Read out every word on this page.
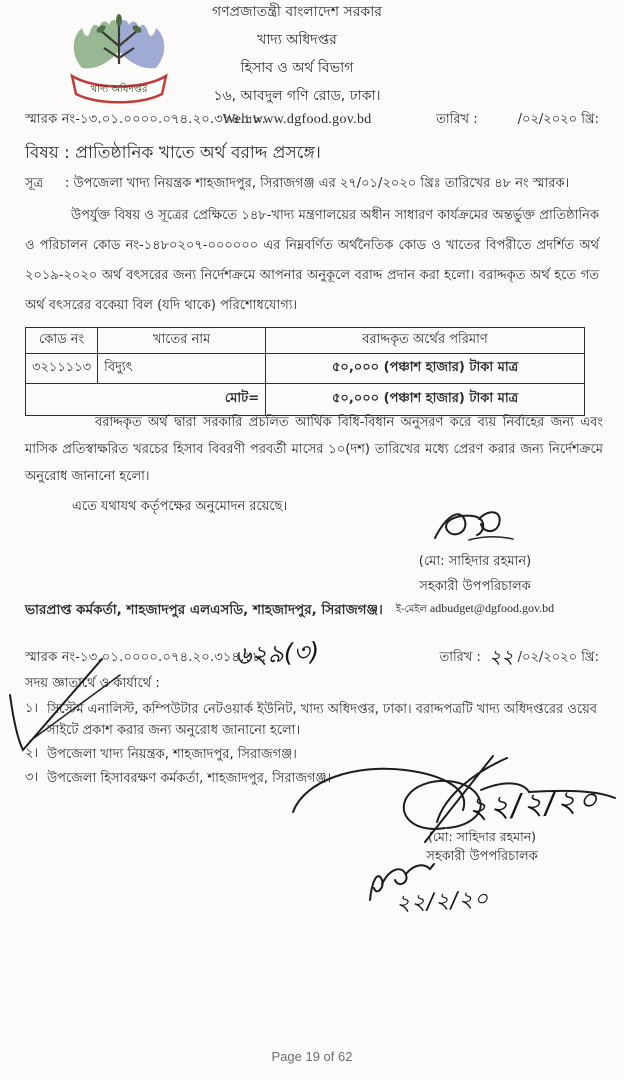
খাদ্য অধিদপ্তর
গণপ্রজাতন্ত্রী বাংলাদেশ সরকার
খাদ্য অধিদপ্তর
হিসাব ও অর্থ বিভাগ
১৬, আবদুল গণি রোড, ঢাকা।
Web:www.dgfood.gov.bd
স্মারক নং-১৩.০১.০০০০.০৭৪.২০.৩১৪.১৮.	তারিখ :	/০২/২০২০ খ্রি:
বিষয় : প্রাতিষ্ঠানিক খাতে অর্থ বরাদ্দ প্রসঙ্গে।
সূত্র	: উপজেলা খাদ্য নিয়ন্ত্রক শাহজাদপুর, সিরাজগঞ্জ এর ২৭/০১/২০২০ খ্রিঃ তারিখের ৪৮ নং স্মারক।
উপর্যুক্ত বিষয় ও সূত্রের প্রেক্ষিতে ১৪৮-খাদ্য মন্ত্রণালয়ের অধীন সাধারণ কার্যক্রমের অন্তর্ভুক্ত প্রাতিষ্ঠানিক ও পরিচালন কোড নং-১৪৮০২০৭-০০০০০০ এর নিম্নবর্ণিত অর্থনৈতিক কোড ও খাতের বিপরীতে প্রদর্শিত অর্থ ২০১৯-২০২০ অর্থ বৎসরের জন্য নির্দেশক্রমে আপনার অনুকূলে বরাদ্দ প্রদান করা হলো। বরাদ্দকৃত অর্থ হতে গত অর্থ বৎসরের বকেয়া বিল (যদি থাকে) পরিশোধযোগ্য।
কোড নং	খাতের নাম	বরাদ্দকৃত অর্থের পরিমাণ
৩২১১১১৩	বিদ্যুৎ	৫০,০০০ (পঞ্চাশ হাজার) টাকা মাত্র
মোট=		৫০,০০০ (পঞ্চাশ হাজার) টাকা মাত্র
বরাদ্দকৃত অর্থ দ্বারা সরকারি প্রচলিত আর্থিক বিধি-বিধান অনুসরণ করে ব্যয় নির্বাহের জন্য এবং মাসিক প্রতিস্বাক্ষরিত খরচের হিসাব বিবরণী পরবর্তী মাসের ১০(দশ) তারিখের মধ্যে প্রেরণ করার জন্য নির্দেশক্রমে অনুরোধ জানানো হলো।
এতে যথাযথ কর্তৃপক্ষের অনুমোদন রয়েছে।
(মো: সাহিদার রহমান)
সহকারী উপপরিচালক
ই-মেইল adbudget@dgfood.gov.bd
ভারপ্রাপ্ত কর্মকর্তা, শাহজাদপুর এলএসডি, শাহজাদপুর, সিরাজগঞ্জ।
স্মারক নং-১৩.০১.০০০০.০৭৪.২০.৩১৪.১৮.	তারিখ : ২২ /০২/২০২০ খ্রি:
৬২৯(৩)
সদয় জ্ঞাতার্থে ও কার্যার্থে :
১। সিস্টেম এনালিস্ট, কম্পিউটার নেটওয়ার্ক ইউনিট, খাদ্য অধিদপ্তর, ঢাকা। বরাদ্দপত্রটি খাদ্য অধিদপ্তরের ওয়েব সাইটে প্রকাশ করার জন্য অনুরোধ জানানো হলো।
২। উপজেলা খাদ্য নিয়ন্ত্রক, শাহজাদপুর, সিরাজগঞ্জ।
৩। উপজেলা হিসাবরক্ষণ কর্মকর্তা, শাহজাদপুর, সিরাজগঞ্জ।
২২/২/২০
(মো: সাহিদার রহমান)
সহকারী উপপরিচালক
২২/২/২০
Page 19 of 62
